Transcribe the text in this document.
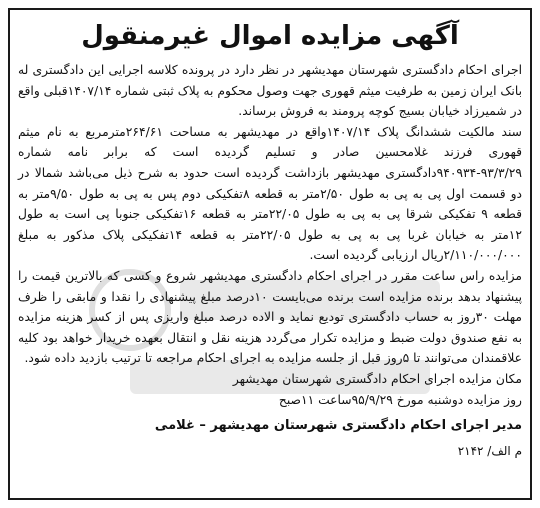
آگهی مزایده اموال غیرمنقول

اجرای احکام دادگستری شهرستان مهدیشهر در نظر دارد در پرونده کلاسه اجرایی این دادگستری له بانک ایران زمین به طرفیت میثم قهوری جهت وصول محکوم به پلاک ثبتی شماره ۱۴۰۷/۱۴قبلی واقع در شمیرزاد خیابان بسیج کوچه پرومند به فروش برساند.

سند مالکیت ششدانگ پلاک ۱۴۰۷/۱۴واقع در مهدیشهر به مساحت ۲۶۴/۶۱مترمربع به نام میثم قهوری فرزند غلامحسین صادر و تسلیم گردیده است که برابر نامه شماره ۹۳/۳/۲۹-۹۴۰۹۳۴دادگستری مهدیشهر بازداشت گردیده است حدود به شرح ذیل می‌باشد شمالا در دو قسمت اول پی به پی به طول ۲/۵۰متر به قطعه ۸تفکیکی دوم پس به پی به طول ۹/۵۰متر به قطعه ۹ تفکیکی شرقا پی به پی به طول ۲۲/۰۵متر به قطعه ۱۶تفکیکی جنوبا پی است به طول ۱۲متر به خیابان غربا پی به پی به طول ۲۲/۰۵متر به قطعه ۱۴تفکیکی پلاک مذکور به مبلغ ۲/۱۱۰/۰۰۰/۰۰۰ریال ارزیابی گردیده است.

مزایده راس ساعت مقرر در اجرای احکام دادگستری مهدیشهر شروع و کسی که بالاترین قیمت را پیشنهاد بدهد برنده مزایده است برنده می‌بایست ۱۰درصد مبلغ پیشنهادی را نقدا و مابقی را ظرف مهلت ۳۰روز به حساب دادگستری تودیع نماید و الاده درصد مبلغ واریزی پس از کسر هزینه مزایده به نفع صندوق دولت ضبط و مزایده تکرار می‌گردد هزینه نقل و انتقال بعهده خریدار خواهد بود کلیه علاقمندان می‌توانند تا ۵روز قبل از جلسه مزایده به اجرای احکام مراجعه تا ترتیب بازدید داده شود.

مکان مزایده اجرای احکام دادگستری شهرستان مهدیشهر

روز مزایده دوشنبه مورخ ۹۵/۹/۲۹ساعت ۱۱صبح

مدیر اجرای احکام دادگستری شهرستان مهدیشهر – غلامی
م الف/ ۲۱۴۲
